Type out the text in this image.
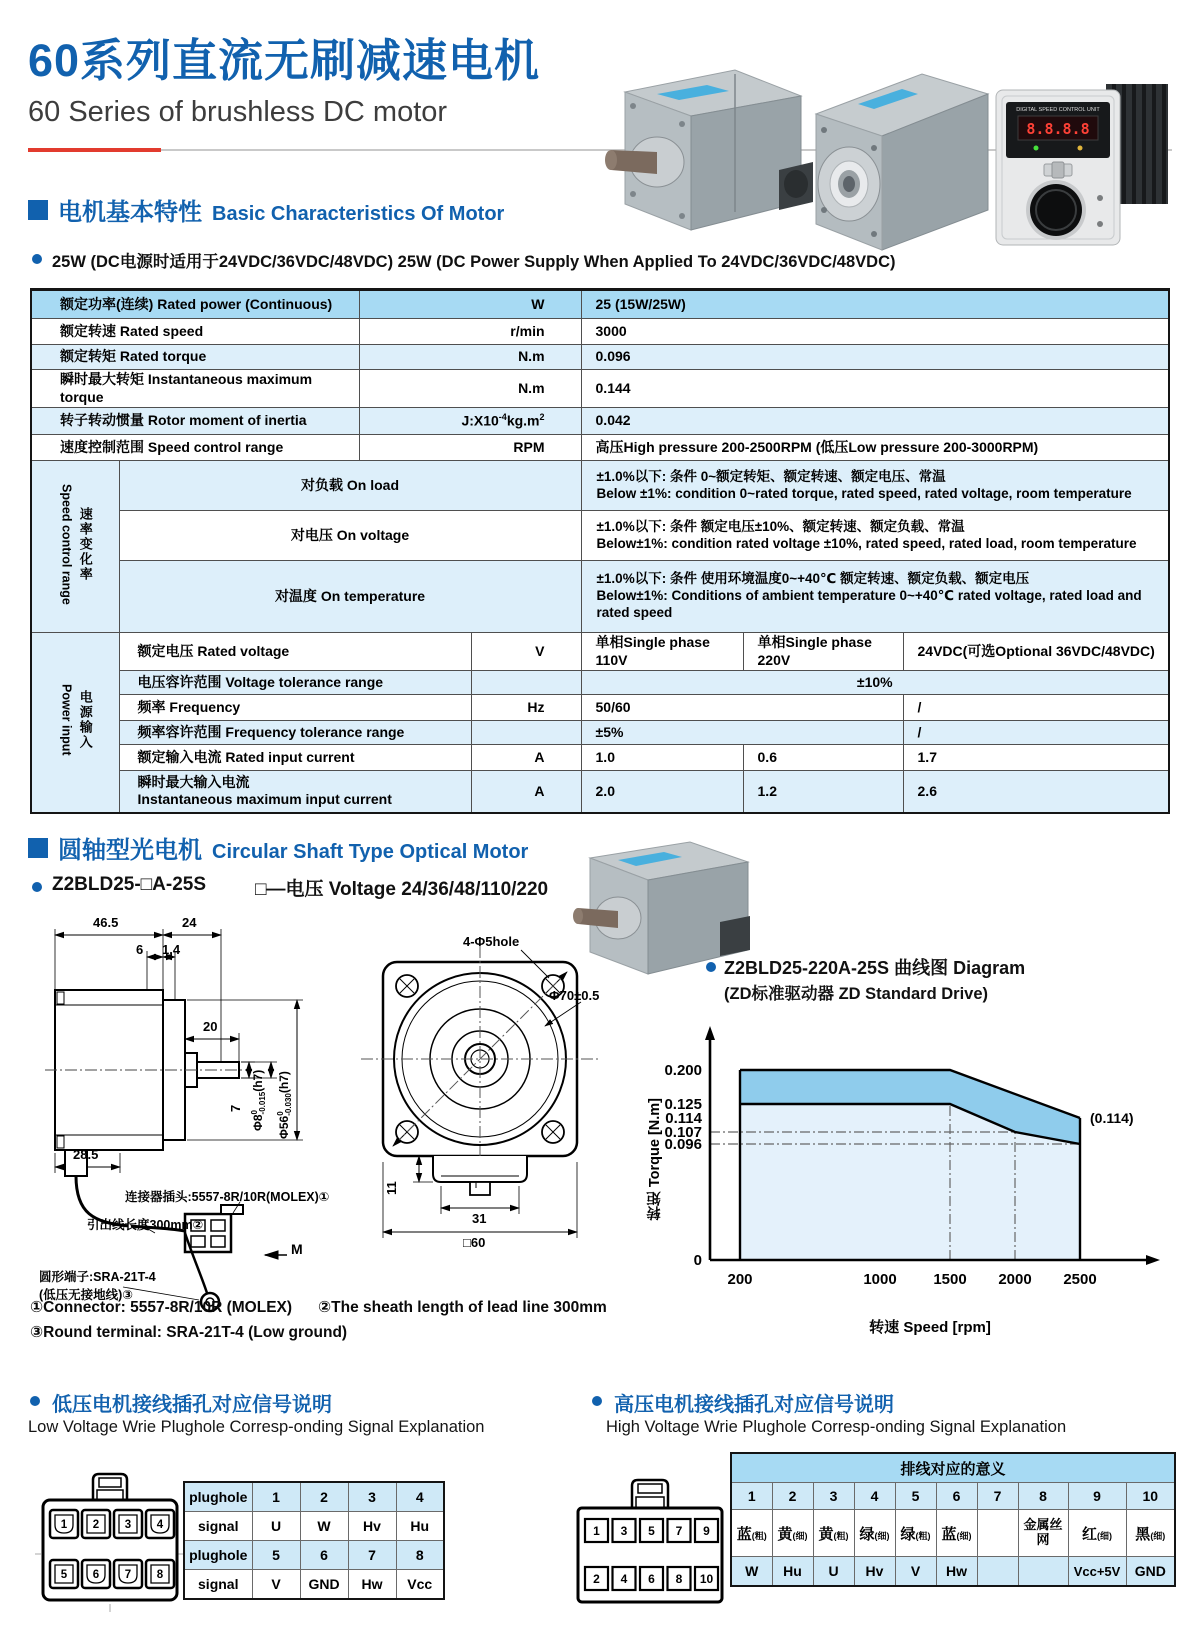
60系列直流无刷减速电机
60 Series of brushless DC motor	DIGITAL SPEED CONTROL UNIT
8.8.8.8
电机基本特性 Basic Characteristics Of Motor
25W (DC电源时适用于24VDC/36VDC/48VDC) 25W (DC Power Supply When Applied To 24VDC/36VDC/48VDC)
额定功率(连续) Rated power (Continuous)		W		25 (15W/25W)		
额定转速 Rated speed		r/min		3000		
额定转矩 Rated torque		N.m		0.096		
瞬时最大转矩 Instantaneous maximum torque		N.m		0.144		
转子转动惯量 Rotor moment of inertia		$J:X10^{-4}kg.m^2$		0.042		
速度控制范围 Speed control range		RPM		高压High pressure 200-2500RPM (低压Low pressure 200-3000RPM)		

Speed control range 速率变化率
	对负载 On load	
±1.0%以下: 条件 0~额定转矩、额定转速、额定电压、常温
Below ±1%: condition 0~rated torque, rated speed, rated voltage, room temperature

	对电压 On voltage			±1.0%以下: 条件 额定电压±10%、额定转速、额定负载、常温
Below±1%: condition rated voltage ±10%, rated speed, rated load, room temperature		

	对温度 On temperature			±1.0%以下: 条件 使用环境温度0~+40℃ 额定转速、额定负载、额定电压
Below±1%: Conditions of ambient temperature 0~+40℃ rated voltage, rated load and rated speed		

Power input 电源输入	额定电压 Rated voltage		V	单相Single phase 110V	单相Single phase 220V	24VDC(可选Optional 36VDC/48VDC)
	电压容许范围 Voltage tolerance range			±10%		
	频率 Frequency		Hz	50/60		/
	频率容许范围 Frequency tolerance range			±5%		/
	额定输入电流 Rated input current		A	1.0	0.6	1.7

	瞬时最大输入电流
Instantaneous maximum input current		A	2.0	1.2	2.6
圆轴型光电机 Circular Shaft Type Optical Motor
Z2BLD25-□A-25S	□—电压 Voltage 24/36/48/110/220
46.5	24
6 1.4
20
28.5
7
Φ8
0 -0.015
(h7)
Φ56
0 -0.030
(h7)
连接器插头:5557-8R/10R(MOLEX)①
引出线长度300mm②
圆形端子:SRA-21T-4
(低压无接地线)③
M
4-Φ5hole
Φ70±0.5
11
31
□60
Z2BLD25-220A-25S 曲线图 Diagram
(ZD标准驱动器 ZD Standard Drive)
200	1000 1500 2000 2500
0.200
0.125
0.114
0.107
0.096
0
(0.114)
转矩 Torque [N.m]
转速 Speed [rpm]
①Connector: 5557-8R/10R (MOLEX) ②The sheath length of lead line 300mm
③Round terminal: SRA-21T-4 (Low ground)
低压电机接线插孔对应信号说明
Low Voltage Wrie Plughole Corresp-onding Signal Explanation
1 2 3 4
5 6 7 8
plughole	1	2	3	4
signal	U	W	Hv	Hu
plughole	5	6	7	8
signal	V	GND	Hw	Vcc
高压电机接线插孔对应信号说明
High Voltage Wrie Plughole Corresp-onding Signal Explanation
1 3 5 7 9
2 4 6 8 10
排线对应的意义									
1	2	3	4	5	6	7	8	9	10
蓝(粗)	黄(细)	黄(粗)	绿(细)	绿(粗)	蓝(细)		金属丝网	红(细)	黑(细)
W	Hu	U	Hv	V	Hw			Vcc+5V	GND
